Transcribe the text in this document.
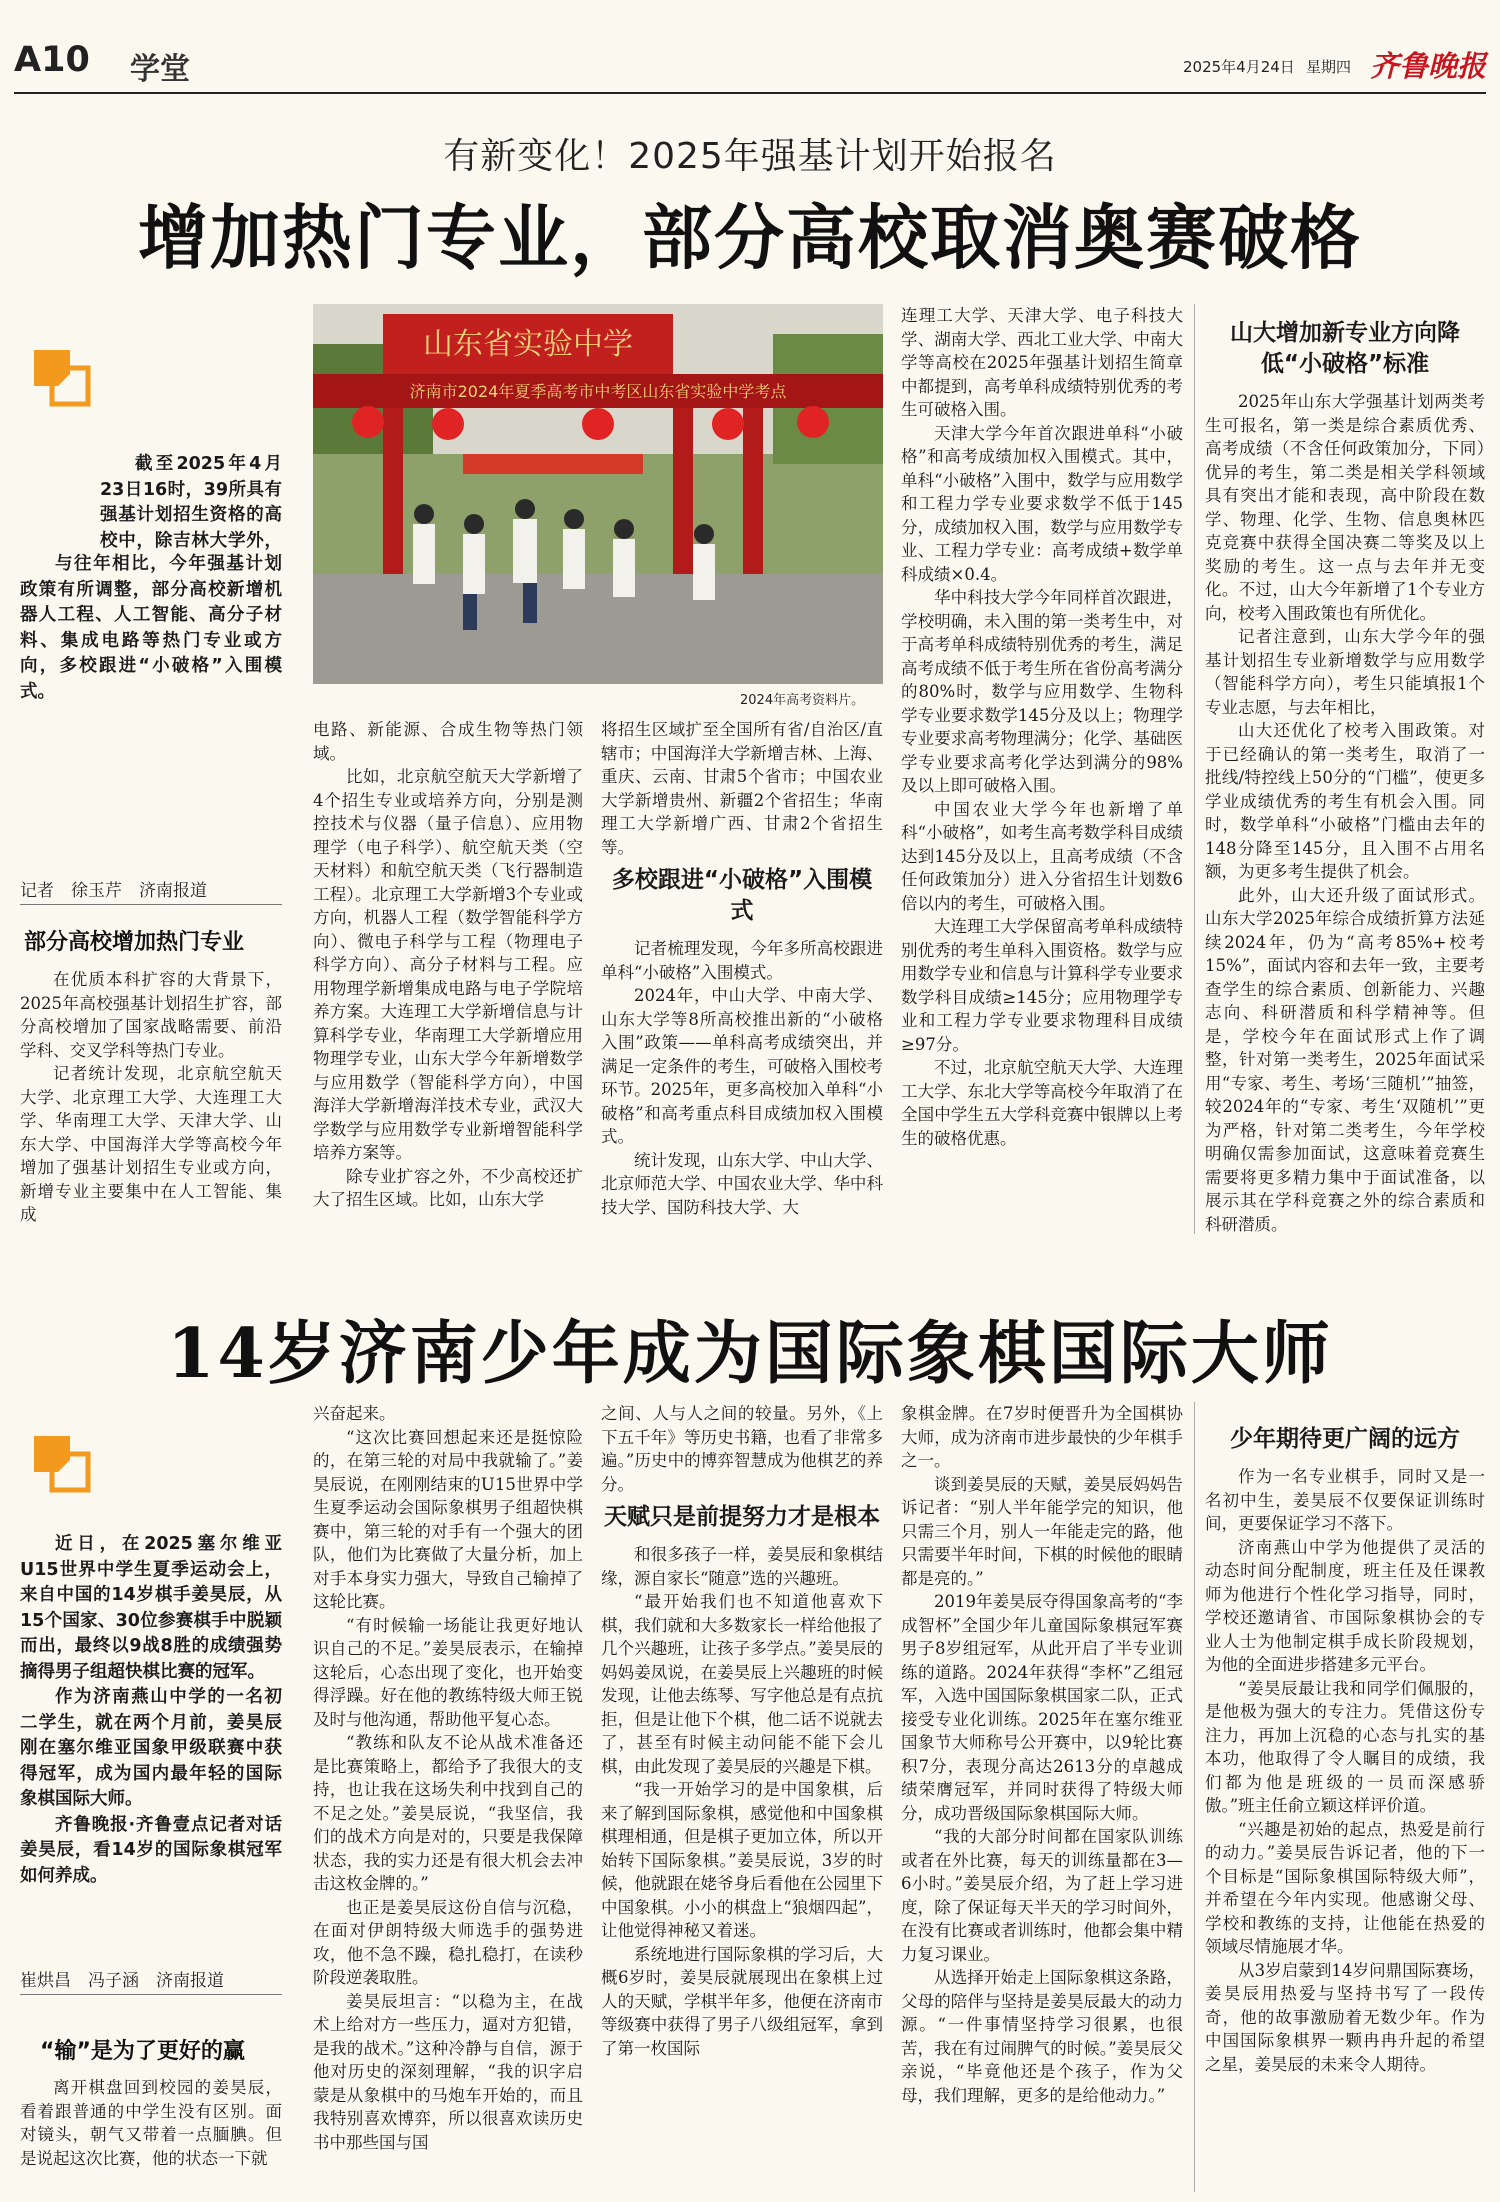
A10 学堂	2025年4月24日 星期四 齐鲁晚报
有新变化！2025年强基计划开始报名
增加热门专业，部分高校取消奥赛破格

截至2025年4月23日16时，39所具有强基计划招生资格的高校中，除吉林大学外，

与往年相比，今年强基计划政策有所调整，部分高校新增机器人工程、人工智能、高分子材料、集成电路等热门专业或方向，多校跟进“小破格”入围模式。

记者　徐玉芹　济南报道
部分高校增加热门专业

在优质本科扩容的大背景下，2025年高校强基计划招生扩容，部分高校增加了国家战略需要、前沿学科、交叉学科等热门专业。

记者统计发现，北京航空航天大学、北京理工大学、大连理工大学、华南理工大学、天津大学、山东大学、中国海洋大学等高校今年增加了强基计划招生专业或方向，新增专业主要集中在人工智能、集成

山东省实验中学
济南市2024年夏季高考市中考区山东省实验中学考点
2024年高考资料片。

电路、新能源、合成生物等热门领域。

比如，北京航空航天大学新增了4个招生专业或培养方向，分别是测控技术与仪器（量子信息）、应用物理学（电子科学）、航空航天类（空天材料）和航空航天类（飞行器制造工程）。北京理工大学新增3个专业或方向，机器人工程（数学智能科学方向）、微电子科学与工程（物理电子科学方向）、高分子材料与工程。应用物理学新增集成电路与电子学院培养方案。大连理工大学新增信息与计算科学专业，华南理工大学新增应用物理学专业，山东大学今年新增数学与应用数学（智能科学方向），中国海洋大学新增海洋技术专业，武汉大学数学与应用数学专业新增智能科学培养方案等。

除专业扩容之外，不少高校还扩大了招生区域。比如，山东大学

将招生区域扩至全国所有省/自治区/直辖市；中国海洋大学新增吉林、上海、重庆、云南、甘肃5个省市；中国农业大学新增贵州、新疆2个省招生；华南理工大学新增广西、甘肃2个省招生等。

多校跟进“小破格”入围模式

记者梳理发现，今年多所高校跟进单科“小破格”入围模式。

2024年，中山大学、中南大学、山东大学等8所高校推出新的“小破格入围”政策——单科高考成绩突出，并满足一定条件的考生，可破格入围校考环节。2025年，更多高校加入单科“小破格”和高考重点科目成绩加权入围模式。

统计发现，山东大学、中山大学、北京师范大学、中国农业大学、华中科技大学、国防科技大学、大

连理工大学、天津大学、电子科技大学、湖南大学、西北工业大学、中南大学等高校在2025年强基计划招生简章中都提到，高考单科成绩特别优秀的考生可破格入围。

天津大学今年首次跟进单科“小破格”和高考成绩加权入围模式。其中，单科“小破格”入围中，数学与应用数学和工程力学专业要求数学不低于145分，成绩加权入围，数学与应用数学专业、工程力学专业：高考成绩+数学单科成绩×0.4。

华中科技大学今年同样首次跟进，学校明确，未入围的第一类考生中，对于高考单科成绩特别优秀的考生，满足高考成绩不低于考生所在省份高考满分的80%时，数学与应用数学、生物科学专业要求数学145分及以上；物理学专业要求高考物理满分；化学、基础医学专业要求高考化学达到满分的98%及以上即可破格入围。

中国农业大学今年也新增了单科“小破格”，如考生高考数学科目成绩达到145分及以上，且高考成绩（不含任何政策加分）进入分省招生计划数6倍以内的考生，可破格入围。

大连理工大学保留高考单科成绩特别优秀的考生单科入围资格。数学与应用数学专业和信息与计算科学专业要求数学科目成绩≥145分；应用物理学专业和工程力学专业要求物理科目成绩≥97分。

不过，北京航空航天大学、大连理工大学、东北大学等高校今年取消了在全国中学生五大学科竞赛中银牌以上考生的破格优惠。

山大增加新专业方向降低“小破格”标准

2025年山东大学强基计划两类考生可报名，第一类是综合素质优秀、高考成绩（不含任何政策加分，下同）优异的考生，第二类是相关学科领域具有突出才能和表现，高中阶段在数学、物理、化学、生物、信息奥林匹克竞赛中获得全国决赛二等奖及以上奖励的考生。这一点与去年并无变化。不过，山大今年新增了1个专业方向，校考入围政策也有所优化。

记者注意到，山东大学今年的强基计划招生专业新增数学与应用数学（智能科学方向），考生只能填报1个专业志愿，与去年相比，

山大还优化了校考入围政策。对于已经确认的第一类考生，取消了一批线/特控线上50分的“门槛”，使更多学业成绩优秀的考生有机会入围。同时，数学单科“小破格”门槛由去年的148分降至145分，且入围不占用名额，为更多考生提供了机会。

此外，山大还升级了面试形式。山东大学2025年综合成绩折算方法延续2024年，仍为“高考85%+校考15%”，面试内容和去年一致，主要考查学生的综合素质、创新能力、兴趣志向、科研潜质和科学精神等。但是，学校今年在面试形式上作了调整，针对第一类考生，2025年面试采用“专家、考生、考场‘三随机’”抽签，较2024年的“专家、考生‘双随机’”更为严格，针对第二类考生，今年学校明确仅需参加面试，这意味着竞赛生需要将更多精力集中于面试准备，以展示其在学科竞赛之外的综合素质和科研潜质。

14岁济南少年成为国际象棋国际大师

近日，在2025塞尔维亚U15世界中学生夏季运动会上，来自中国的14岁棋手姜昊辰，从15个国家、30位参赛棋手中脱颖而出，最终以9战8胜的成绩强势摘得男子组超快棋比赛的冠军。

作为济南燕山中学的一名初二学生，就在两个月前，姜昊辰刚在塞尔维亚国象甲级联赛中获得冠军，成为国内最年轻的国际象棋国际大师。

齐鲁晚报·齐鲁壹点记者对话姜昊辰，看14岁的国际象棋冠军如何养成。

崔烘昌　冯子涵　济南报道
“输”是为了更好的赢

离开棋盘回到校园的姜昊辰，看着跟普通的中学生没有区别。面对镜头，朝气又带着一点腼腆。但是说起这次比赛，他的状态一下就

兴奋起来。

“这次比赛回想起来还是挺惊险的，在第三轮的对局中我就输了。”姜昊辰说，在刚刚结束的U15世界中学生夏季运动会国际象棋男子组超快棋赛中，第三轮的对手有一个强大的团队，他们为比赛做了大量分析，加上对手本身实力强大，导致自己输掉了这轮比赛。

“有时候输一场能让我更好地认识自己的不足。”姜昊辰表示，在输掉这轮后，心态出现了变化，也开始变得浮躁。好在他的教练特级大师王锐及时与他沟通，帮助他平复心态。

“教练和队友不论从战术准备还是比赛策略上，都给予了我很大的支持，也让我在这场失利中找到自己的不足之处。”姜昊辰说，“我坚信，我们的战术方向是对的，只要是我保障状态，我的实力还是有很大机会去冲击这枚金牌的。”

也正是姜昊辰这份自信与沉稳，在面对伊朗特级大师选手的强势进攻，他不急不躁，稳扎稳打，在读秒阶段逆袭取胜。

姜昊辰坦言：“以稳为主，在战术上给对方一些压力，逼对方犯错，是我的战术。”这种冷静与自信，源于他对历史的深刻理解，“我的识字启蒙是从象棋中的马炮车开始的，而且我特别喜欢博弈，所以很喜欢读历史书中那些国与国

之间、人与人之间的较量。另外，《上下五千年》等历史书籍，也看了非常多遍。”历史中的博弈智慧成为他棋艺的养分。

天赋只是前提努力才是根本

和很多孩子一样，姜昊辰和象棋结缘，源自家长“随意”选的兴趣班。

“最开始我们也不知道他喜欢下棋，我们就和大多数家长一样给他报了几个兴趣班，让孩子多学点。”姜昊辰的妈妈姜凤说，在姜昊辰上兴趣班的时候发现，让他去练琴、写字他总是有点抗拒，但是让他下个棋，他二话不说就去了，甚至有时候主动问能不能下会儿棋，由此发现了姜昊辰的兴趣是下棋。

“我一开始学习的是中国象棋，后来了解到国际象棋，感觉他和中国象棋棋理相通，但是棋子更加立体，所以开始转下国际象棋。”姜昊辰说，3岁的时候，他就跟在姥爷身后看他在公园里下中国象棋。小小的棋盘上“狼烟四起”，让他觉得神秘又着迷。

系统地进行国际象棋的学习后，大概6岁时，姜昊辰就展现出在象棋上过人的天赋，学棋半年多，他便在济南市等级赛中获得了男子八级组冠军，拿到了第一枚国际

象棋金牌。在7岁时便晋升为全国棋协大师，成为济南市进步最快的少年棋手之一。

谈到姜昊辰的天赋，姜昊辰妈妈告诉记者：“别人半年能学完的知识，他只需三个月，别人一年能走完的路，他只需要半年时间，下棋的时候他的眼睛都是亮的。”

2019年姜昊辰夺得国象高考的“李成智杯”全国少年儿童国际象棋冠军赛男子8岁组冠军，从此开启了半专业训练的道路。2024年获得“李杯”乙组冠军，入选中国国际象棋国家二队，正式接受专业化训练。2025年在塞尔维亚国象节大师称号公开赛中，以9轮比赛积7分，表现分高达2613分的卓越成绩荣膺冠军，并同时获得了特级大师分，成功晋级国际象棋国际大师。

“我的大部分时间都在国家队训练或者在外比赛，每天的训练量都在3—6小时。”姜昊辰介绍，为了赶上学习进度，除了保证每天半天的学习时间外，在没有比赛或者训练时，他都会集中精力复习课业。

从选择开始走上国际象棋这条路，父母的陪伴与坚持是姜昊辰最大的动力源。“一件事情坚持学习很累，也很苦，我在有过闹脾气的时候。”姜昊辰父亲说，“毕竟他还是个孩子，作为父母，我们理解，更多的是给他动力。”

少年期待更广阔的远方

作为一名专业棋手，同时又是一名初中生，姜昊辰不仅要保证训练时间，更要保证学习不落下。

济南燕山中学为他提供了灵活的动态时间分配制度，班主任及任课教师为他进行个性化学习指导，同时，学校还邀请省、市国际象棋协会的专业人士为他制定棋手成长阶段规划，为他的全面进步搭建多元平台。

“姜昊辰最让我和同学们佩服的，是他极为强大的专注力。凭借这份专注力，再加上沉稳的心态与扎实的基本功，他取得了令人瞩目的成绩，我们都为他是班级的一员而深感骄傲。”班主任俞立颖这样评价道。

“兴趣是初始的起点，热爱是前行的动力。”姜昊辰告诉记者，他的下一个目标是“国际象棋国际特级大师”，并希望在今年内实现。他感谢父母、学校和教练的支持，让他能在热爱的领域尽情施展才华。

从3岁启蒙到14岁问鼎国际赛场，姜昊辰用热爱与坚持书写了一段传奇，他的故事激励着无数少年。作为中国国际象棋界一颗冉冉升起的希望之星，姜昊辰的未来令人期待。
